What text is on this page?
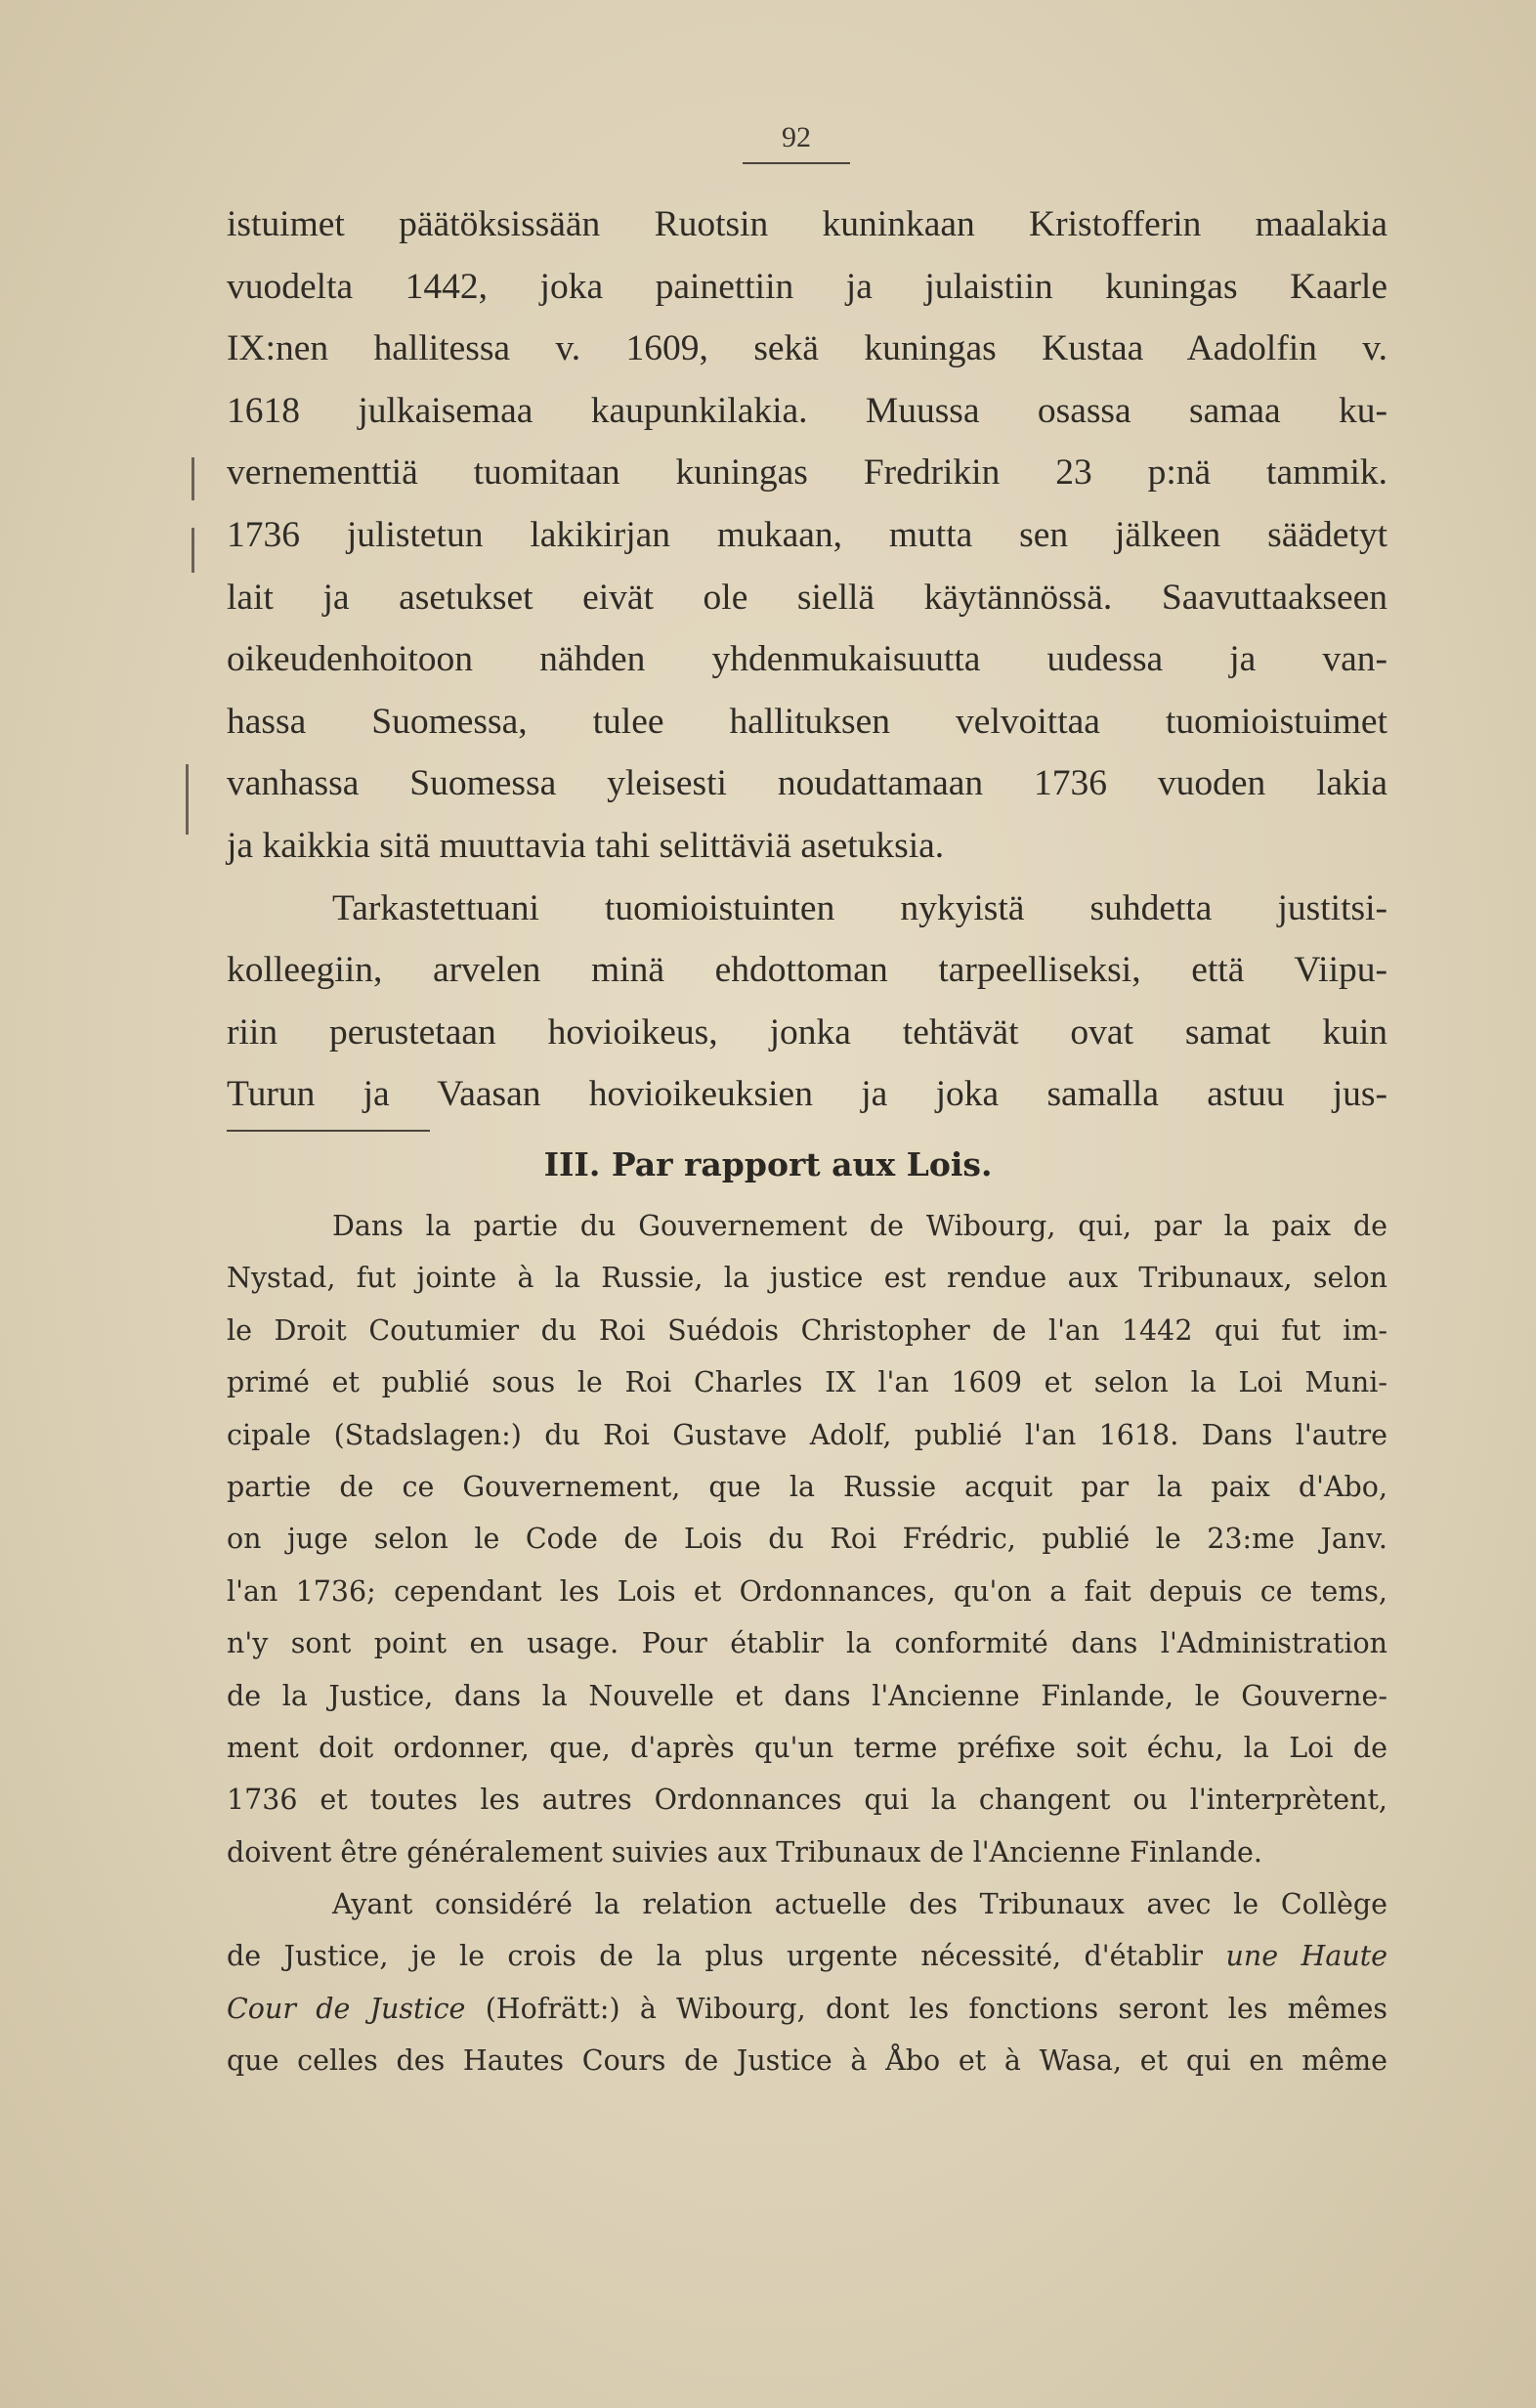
92
istuimet päätöksissään Ruotsin kuninkaan Kristofferin maalakia
vuodelta 1442, joka painettiin ja julaistiin kuningas Kaarle
IX:nen hallitessa v. 1609, sekä kuningas Kustaa Aadolfin v.
1618 julkaisemaa kaupunkilakia. Muussa osassa samaa ku-
vernementtiä tuomitaan kuningas Fredrikin 23 p:nä tammik.
1736 julistetun lakikirjan mukaan, mutta sen jälkeen säädetyt
lait ja asetukset eivät ole siellä käytännössä. Saavuttaakseen
oikeudenhoitoon nähden yhdenmukaisuutta uudessa ja van-
hassa Suomessa, tulee hallituksen velvoittaa tuomioistuimet
vanhassa Suomessa yleisesti noudattamaan 1736 vuoden lakia
ja kaikkia sitä muuttavia tahi selittäviä asetuksia.
Tarkastettuani tuomioistuinten nykyistä suhdetta justitsi-
kolleegiin, arvelen minä ehdottoman tarpeelliseksi, että Viipu-
riin perustetaan hovioikeus, jonka tehtävät ovat samat kuin
Turun ja Vaasan hovioikeuksien ja joka samalla astuu jus-
III. Par rapport aux Lois.
Dans la partie du Gouvernement de Wibourg, qui, par la paix de
Nystad, fut jointe à la Russie, la justice est rendue aux Tribunaux, selon
le Droit Coutumier du Roi Suédois Christopher de l'an 1442 qui fut im-
primé et publié sous le Roi Charles IX l'an 1609 et selon la Loi Muni-
cipale (Stadslagen:) du Roi Gustave Adolf, publié l'an 1618. Dans l'autre
partie de ce Gouvernement, que la Russie acquit par la paix d'Abo,
on juge selon le Code de Lois du Roi Frédric, publié le 23:me Janv.
l'an 1736; cependant les Lois et Ordonnances, qu'on a fait depuis ce tems,
n'y sont point en usage. Pour établir la conformité dans l'Administration
de la Justice, dans la Nouvelle et dans l'Ancienne Finlande, le Gouverne-
ment doit ordonner, que, d'après qu'un terme préfixe soit échu, la Loi de
1736 et toutes les autres Ordonnances qui la changent ou l'interprètent,
doivent être généralement suivies aux Tribunaux de l'Ancienne Finlande.
Ayant considéré la relation actuelle des Tribunaux avec le Collège
de Justice, je le crois de la plus urgente nécessité, d'établir une Haute
Cour de Justice (Hofrätt:) à Wibourg, dont les fonctions seront les mêmes
que celles des Hautes Cours de Justice à Åbo et à Wasa, et qui en même
